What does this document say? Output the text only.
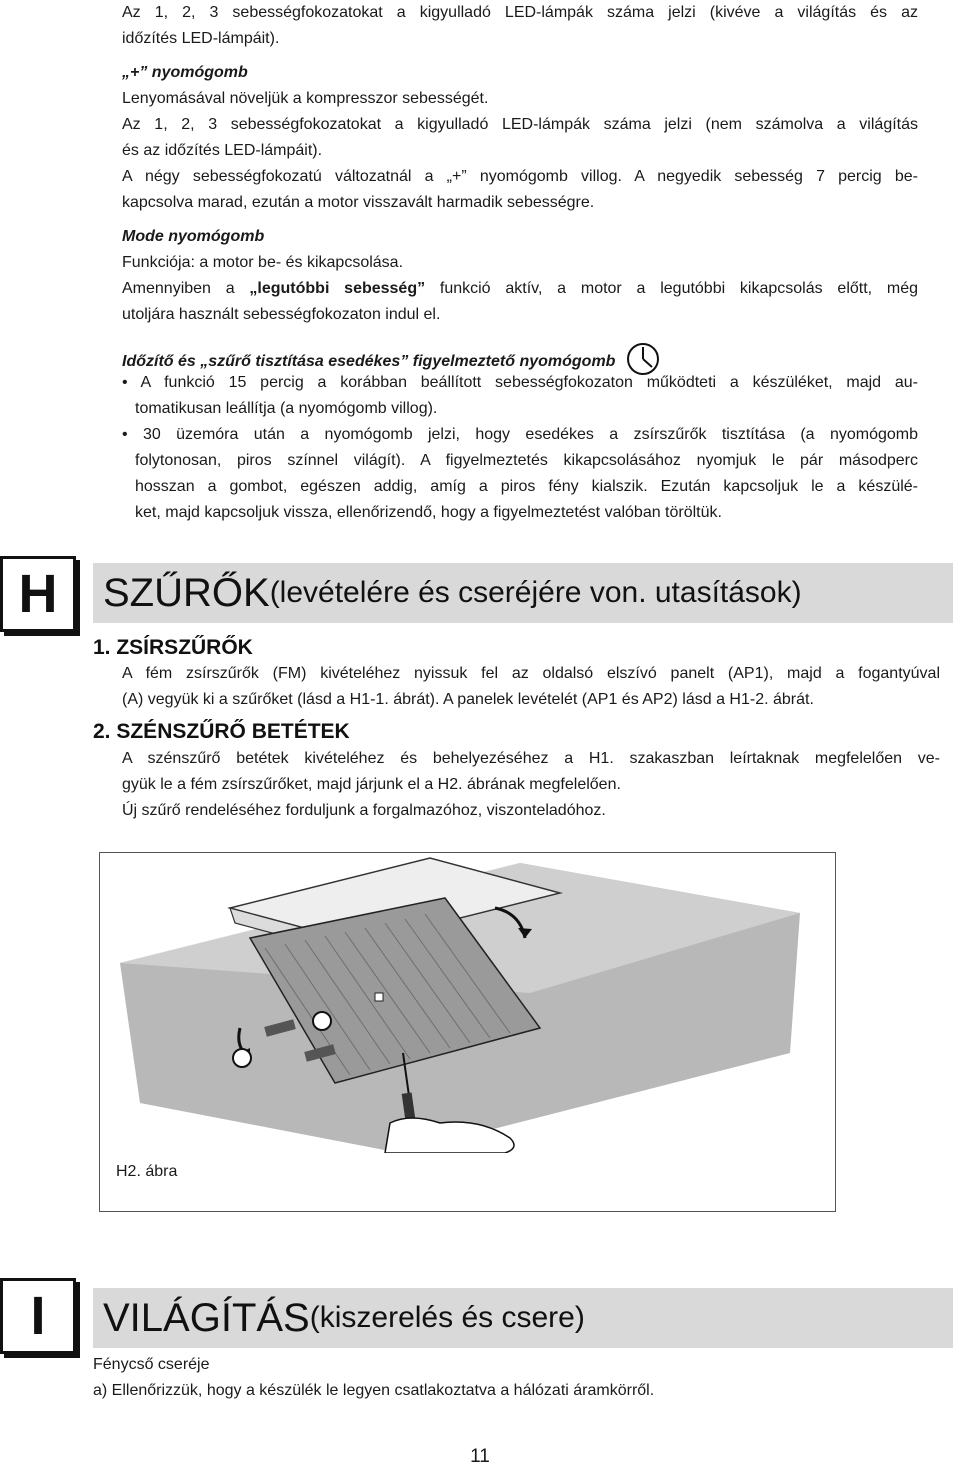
Az 1, 2, 3 sebességfokozatokat a kigyulladó LED-lámpák száma jelzi (kivéve a világítás és az
időzítés LED-lámpáit).
„+” nyomógomb
Lenyomásával növeljük a kompresszor sebességét.
Az 1, 2, 3 sebességfokozatokat a kigyulladó LED-lámpák száma jelzi (nem számolva a világítás
és az időzítés LED-lámpáit).
A négy sebességfokozatú változatnál a „+” nyomógomb villog. A negyedik sebesség 7 percig be-
kapcsolva marad, ezután a motor visszavált harmadik sebességre.
Mode nyomógomb
Funkciója: a motor be- és kikapcsolása.
Amennyiben a „legutóbbi sebesség” funkció aktív, a motor a legutóbbi kikapcsolás előtt, még
utoljára használt sebességfokozaton indul el.
Időzítő és „szűrő tisztítása esedékes” figyelmeztető nyomógomb
• A funkció 15 percig a korábban beállított sebességfokozaton működteti a készüléket, majd au-
tomatikusan leállítja (a nyomógomb villog).
• 30 üzemóra után a nyomógomb jelzi, hogy esedékes a zsírszűrők tisztítása (a nyomógomb
folytonosan, piros színnel világít). A figyelmeztetés kikapcsolásához nyomjuk le pár másodperc
hosszan a gombot, egészen addig, amíg a piros fény kialszik. Ezután kapcsoljuk le a készülé-
ket, majd kapcsoljuk vissza, ellenőrizendő, hogy a figyelmeztetést valóban töröltük.
H	SZŰRŐK (levételére és cseréjére von. utasítások)
1. ZSÍRSZŰRŐK
A fém zsírszűrők (FM) kivételéhez nyissuk fel az oldalsó elszívó panelt (AP1), majd a fogantyúval
(A) vegyük ki a szűrőket (lásd a H1-1. ábrát). A panelek levételét (AP1 és AP2) lásd a H1-2. ábrát.
2. SZÉNSZŰRŐ BETÉTEK
A szénszűrő betétek kivételéhez és behelyezéséhez a H1. szakaszban leírtaknak megfelelően ve-
gyük le a fém zsírszűrőket, majd járjunk el a H2. ábrának megfelelően.
Új szűrő rendeléséhez forduljunk a forgalmazóhoz, viszonteladóhoz.
H2. ábra
I	VILÁGÍTÁS (kiszerelés és csere)
Fénycső cseréje
a) Ellenőrizzük, hogy a készülék le legyen csatlakoztatva a hálózati áramkörről.
11
